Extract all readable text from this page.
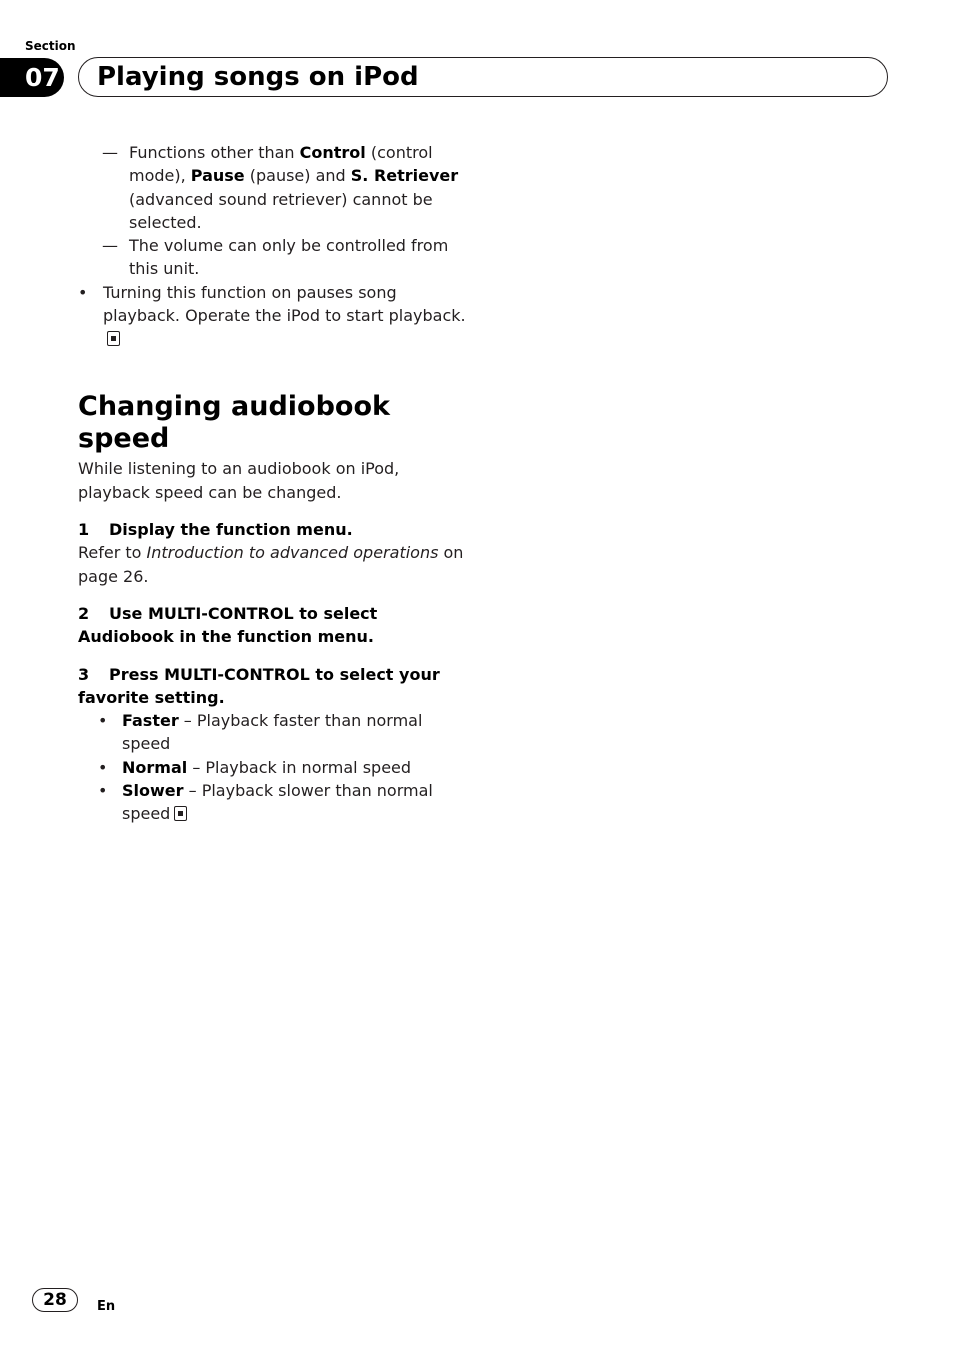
Section
07	Playing songs on iPod
— Functions other than Control (control mode), Pause (pause) and S. Retriever (advanced sound retriever) cannot be selected.
— The volume can only be controlled from this unit.
• Turning this function on pauses song playback. Operate the iPod to start playback.
Changing audiobook speed
While listening to an audiobook on iPod, playback speed can be changed.
1 Display the function menu.
Refer to Introduction to advanced operations on page 26.
2 Use MULTI-CONTROL to select Audiobook in the function menu.
3 Press MULTI-CONTROL to select your favorite setting.
• Faster – Playback faster than normal speed
• Normal – Playback in normal speed
• Slower – Playback slower than normal speed
28	En
